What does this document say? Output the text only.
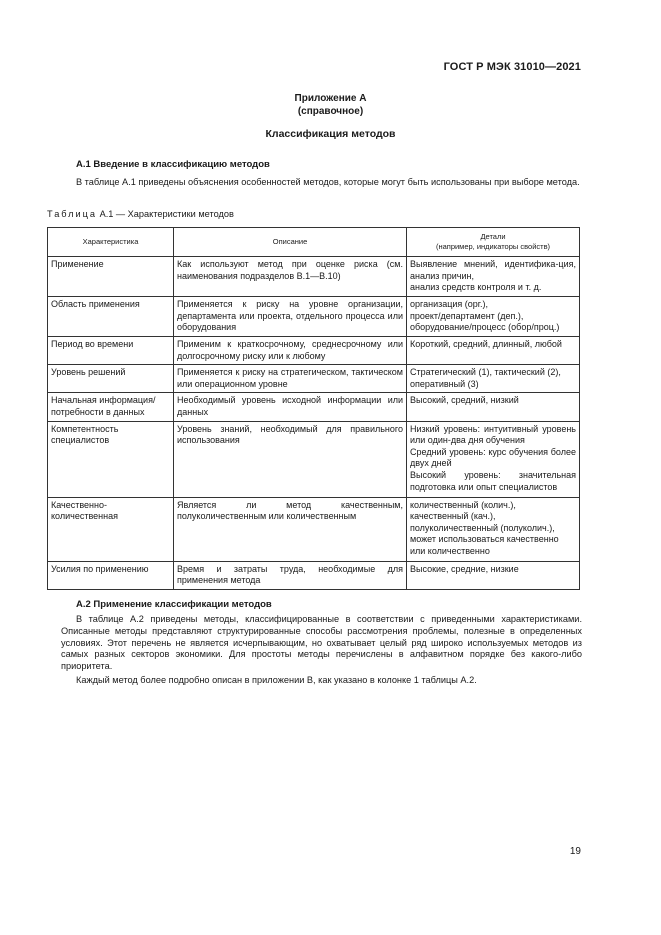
ГОСТ Р МЭК 31010—2021
Приложение А
(справочное)
Классификация методов
А.1 Введение в классификацию методов
В таблице А.1 приведены объяснения особенностей методов, которые могут быть использованы при выборе метода.
Таблица А.1 — Характеристики методов
Характеристика	Описание	Детали
(например, индикаторы свойств)

Применение	Как используют метод при оценке риска (см. наименования подразделов В.1—В.10)	Выявление мнений, идентифика-ция, анализ причин,
анализ средств контроля и т. д.

Область применения	Применяется к риску на уровне организации, департамента или проекта, отдельного процесса или оборудования	организация (орг.),
проект/департамент (деп.),
оборудование/процесс (обор/проц.)

Период во времени	Применим к краткосрочному, среднесрочному или долгосрочному риску или к любому	Короткий, средний, длинный, любой

Уровень решений	Применяется к риску на стратегическом, тактическом или операционном уровне	Стратегический (1), тактический (2), оперативный (3)

Начальная информация/потребности в данных	Необходимый уровень исходной информации или данных	Высокий, средний, низкий

Компетентность специалистов	Уровень знаний, необходимый для правильного использования	Низкий уровень: интуитивный уровень или один-два дня обучения
Средний уровень: курс обучения более двух дней
Высокий уровень: значительная подготовка или опыт специалистов

Качественно-количественная	Является ли метод качественным, полуколичественным или количественным	количественный (колич.),
качественный (кач.),
полуколичественный (полуколич.),
может использоваться качественно или количественно

Усилия по применению	Время и затраты труда, необходимые для применения метода	Высокие, средние, низкие
А.2 Применение классификации методов
В таблице А.2 приведены методы, классифицированные в соответствии с приведенными характеристиками. Описанные методы представляют структурированные способы рассмотрения проблемы, полезные в определенных условиях. Этот перечень не является исчерпывающим, но охватывает целый ряд широко используемых методов из самых разных секторов экономики. Для простоты методы перечислены в алфавитном порядке без какого-либо приоритета.
Каждый метод более подробно описан в приложении В, как указано в колонке 1 таблицы А.2.
19
